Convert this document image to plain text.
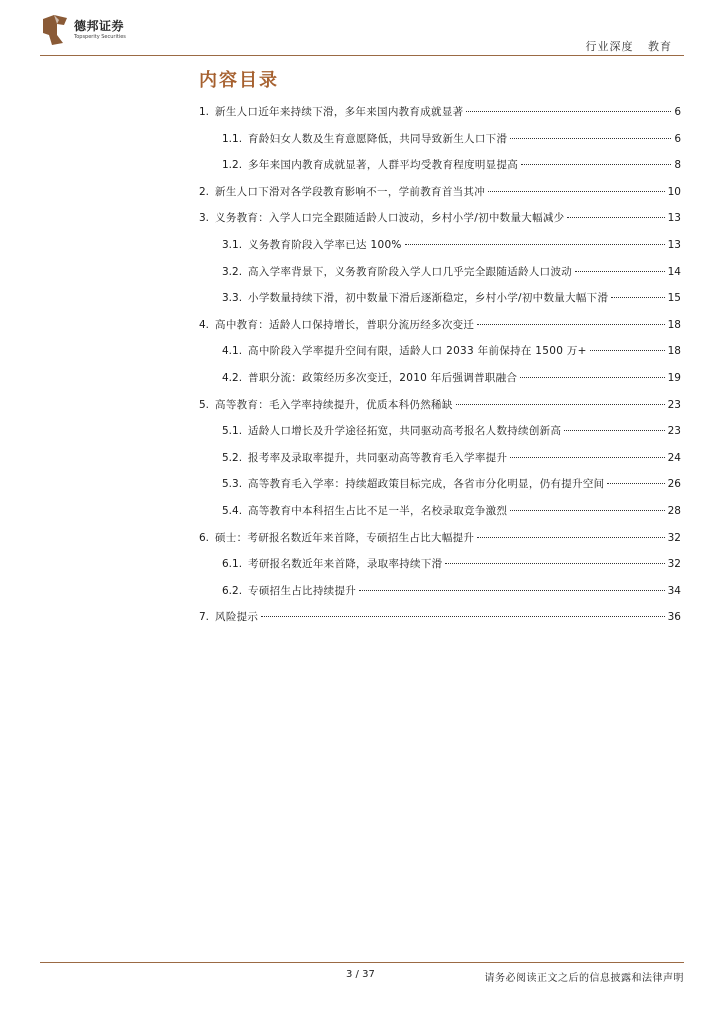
德邦证券
Topsperity Securities
行业深度 教育
内容目录
1. 新生人口近年来持续下滑，多年来国内教育成就显著	6
1.1. 育龄妇女人数及生育意愿降低，共同导致新生人口下滑	6
1.2. 多年来国内教育成就显著，人群平均受教育程度明显提高	8
2. 新生人口下滑对各学段教育影响不一，学前教育首当其冲	10
3. 义务教育：入学人口完全跟随适龄人口波动，乡村小学/初中数量大幅减少	13
3.1. 义务教育阶段入学率已达 100%	13
3.2. 高入学率背景下，义务教育阶段入学人口几乎完全跟随适龄人口波动	14
3.3. 小学数量持续下滑，初中数量下滑后逐渐稳定，乡村小学/初中数量大幅下滑	15
4. 高中教育：适龄人口保持增长，普职分流历经多次变迁	18
4.1. 高中阶段入学率提升空间有限，适龄人口 2033 年前保持在 1500 万+	18
4.2. 普职分流：政策经历多次变迁，2010 年后强调普职融合	19
5. 高等教育：毛入学率持续提升，优质本科仍然稀缺	23
5.1. 适龄人口增长及升学途径拓宽，共同驱动高考报名人数持续创新高	23
5.2. 报考率及录取率提升，共同驱动高等教育毛入学率提升	24
5.3. 高等教育毛入学率：持续超政策目标完成，各省市分化明显，仍有提升空间	26
5.4. 高等教育中本科招生占比不足一半，名校录取竞争激烈	28
6. 硕士：考研报名数近年来首降，专硕招生占比大幅提升	32
6.1. 考研报名数近年来首降，录取率持续下滑	32
6.2. 专硕招生占比持续提升	34
7. 风险提示	36
3 / 37	请务必阅读正文之后的信息披露和法律声明
